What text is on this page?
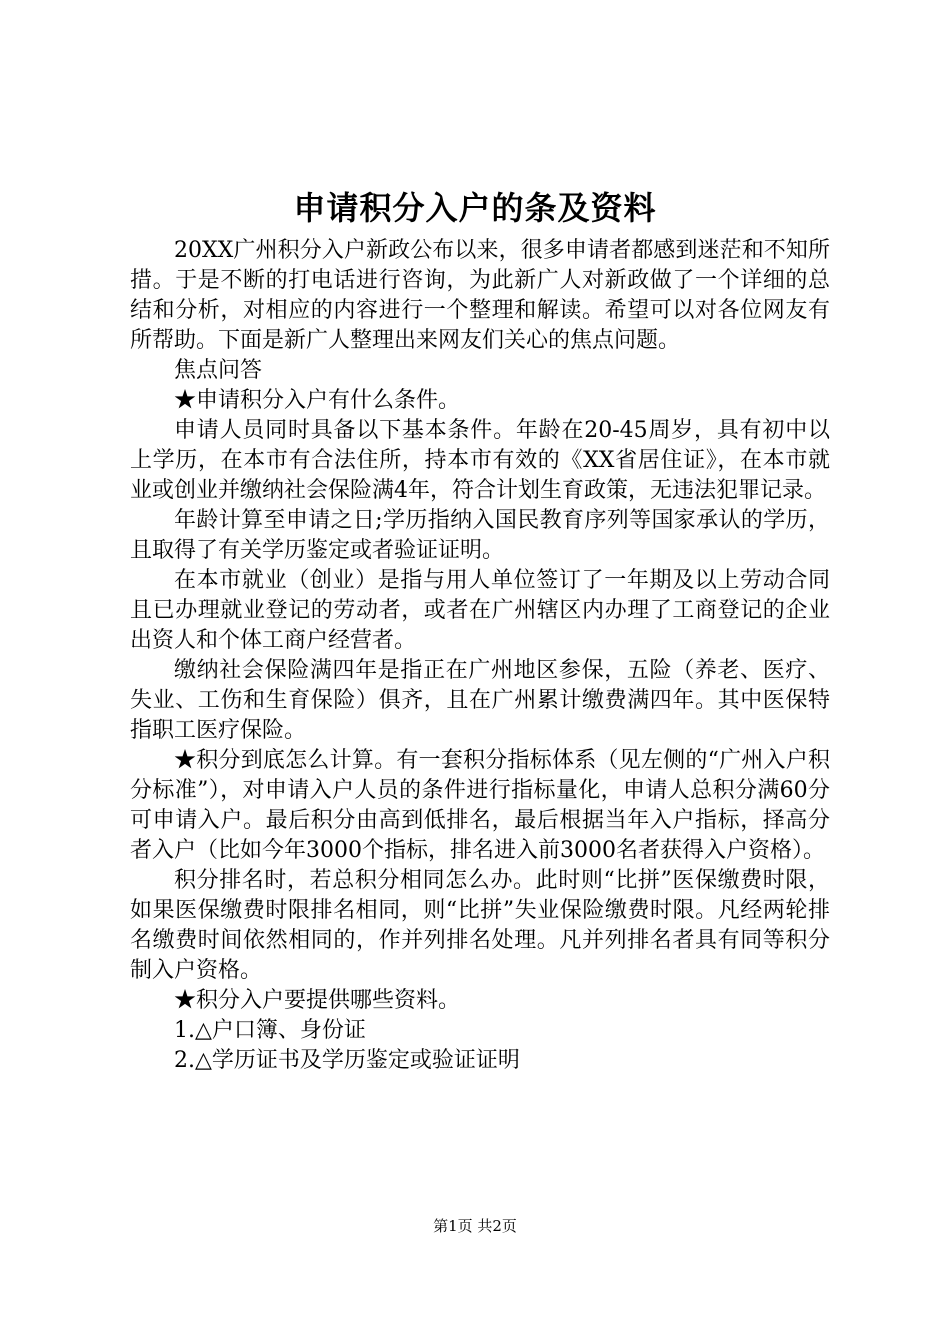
申请积分入户的条及资料

20XX广州积分入户新政公布以来，很多申请者都感到迷茫和不知所措。于是不断的打电话进行咨询，为此新广人对新政做了一个详细的总结和分析，对相应的内容进行一个整理和解读。希望可以对各位网友有所帮助。下面是新广人整理出来网友们关心的焦点问题。

焦点问答

★申请积分入户有什么条件。

申请人员同时具备以下基本条件。年龄在20-45周岁，具有初中以上学历，在本市有合法住所，持本市有效的《XX省居住证》，在本市就业或创业并缴纳社会保险满4年，符合计划生育政策，无违法犯罪记录。

年龄计算至申请之日;学历指纳入国民教育序列等国家承认的学历，且取得了有关学历鉴定或者验证证明。

在本市就业（创业）是指与用人单位签订了一年期及以上劳动合同且已办理就业登记的劳动者，或者在广州辖区内办理了工商登记的企业出资人和个体工商户经营者。

缴纳社会保险满四年是指正在广州地区参保，五险（养老、医疗、失业、工伤和生育保险）俱齐，且在广州累计缴费满四年。其中医保特指职工医疗保险。

★积分到底怎么计算。有一套积分指标体系（见左侧的“广州入户积分标准”），对申请入户人员的条件进行指标量化，申请人总积分满60分可申请入户。最后积分由高到低排名，最后根据当年入户指标，择高分者入户（比如今年3000个指标，排名进入前3000名者获得入户资格）。

积分排名时，若总积分相同怎么办。此时则“比拼”医保缴费时限，如果医保缴费时限排名相同，则“比拼”失业保险缴费时限。凡经两轮排名缴费时间依然相同的，作并列排名处理。凡并列排名者具有同等积分制入户资格。

★积分入户要提供哪些资料。

1.△户口簿、身份证

2.△学历证书及学历鉴定或验证证明

第1页 共2页
